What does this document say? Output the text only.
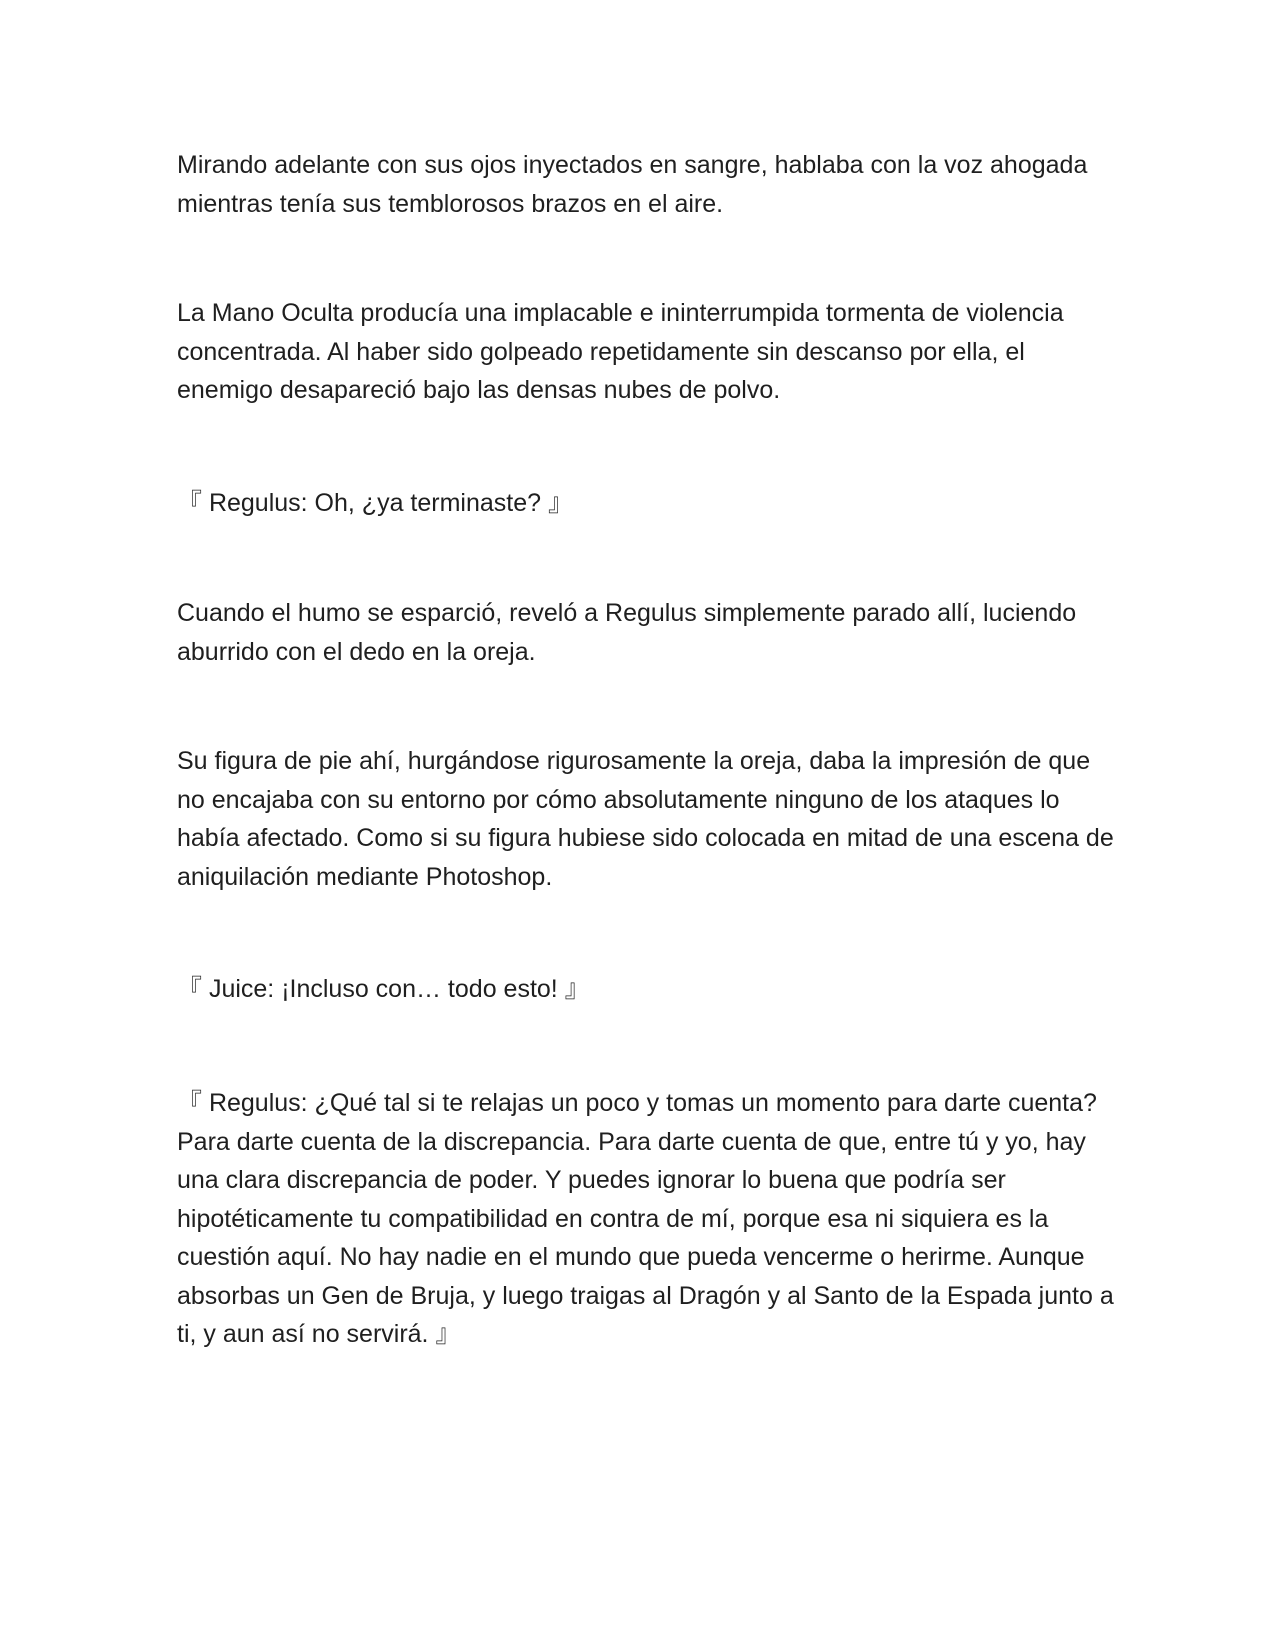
Mirando adelante con sus ojos inyectados en sangre, hablaba con la voz ahogada mientras tenía sus temblorosos brazos en el aire.

La Mano Oculta producía una implacable e ininterrumpida tormenta de violencia concentrada. Al haber sido golpeado repetidamente sin descanso por ella, el enemigo desapareció bajo las densas nubes de polvo.

『 Regulus: Oh, ¿ya terminaste? 』

Cuando el humo se esparció, reveló a Regulus simplemente parado allí, luciendo aburrido con el dedo en la oreja.

Su figura de pie ahí, hurgándose rigurosamente la oreja, daba la impresión de que no encajaba con su entorno por cómo absolutamente ninguno de los ataques lo había afectado. Como si su figura hubiese sido colocada en mitad de una escena de aniquilación mediante Photoshop.

『 Juice: ¡Incluso con… todo esto! 』

『 Regulus: ¿Qué tal si te relajas un poco y tomas un momento para darte cuenta? Para darte cuenta de la discrepancia. Para darte cuenta de que, entre tú y yo, hay una clara discrepancia de poder. Y puedes ignorar lo buena que podría ser hipotéticamente tu compatibilidad en contra de mí, porque esa ni siquiera es la cuestión aquí. No hay nadie en el mundo que pueda vencerme o herirme. Aunque absorbas un Gen de Bruja, y luego traigas al Dragón y al Santo de la Espada junto a ti, y aun así no servirá. 』
